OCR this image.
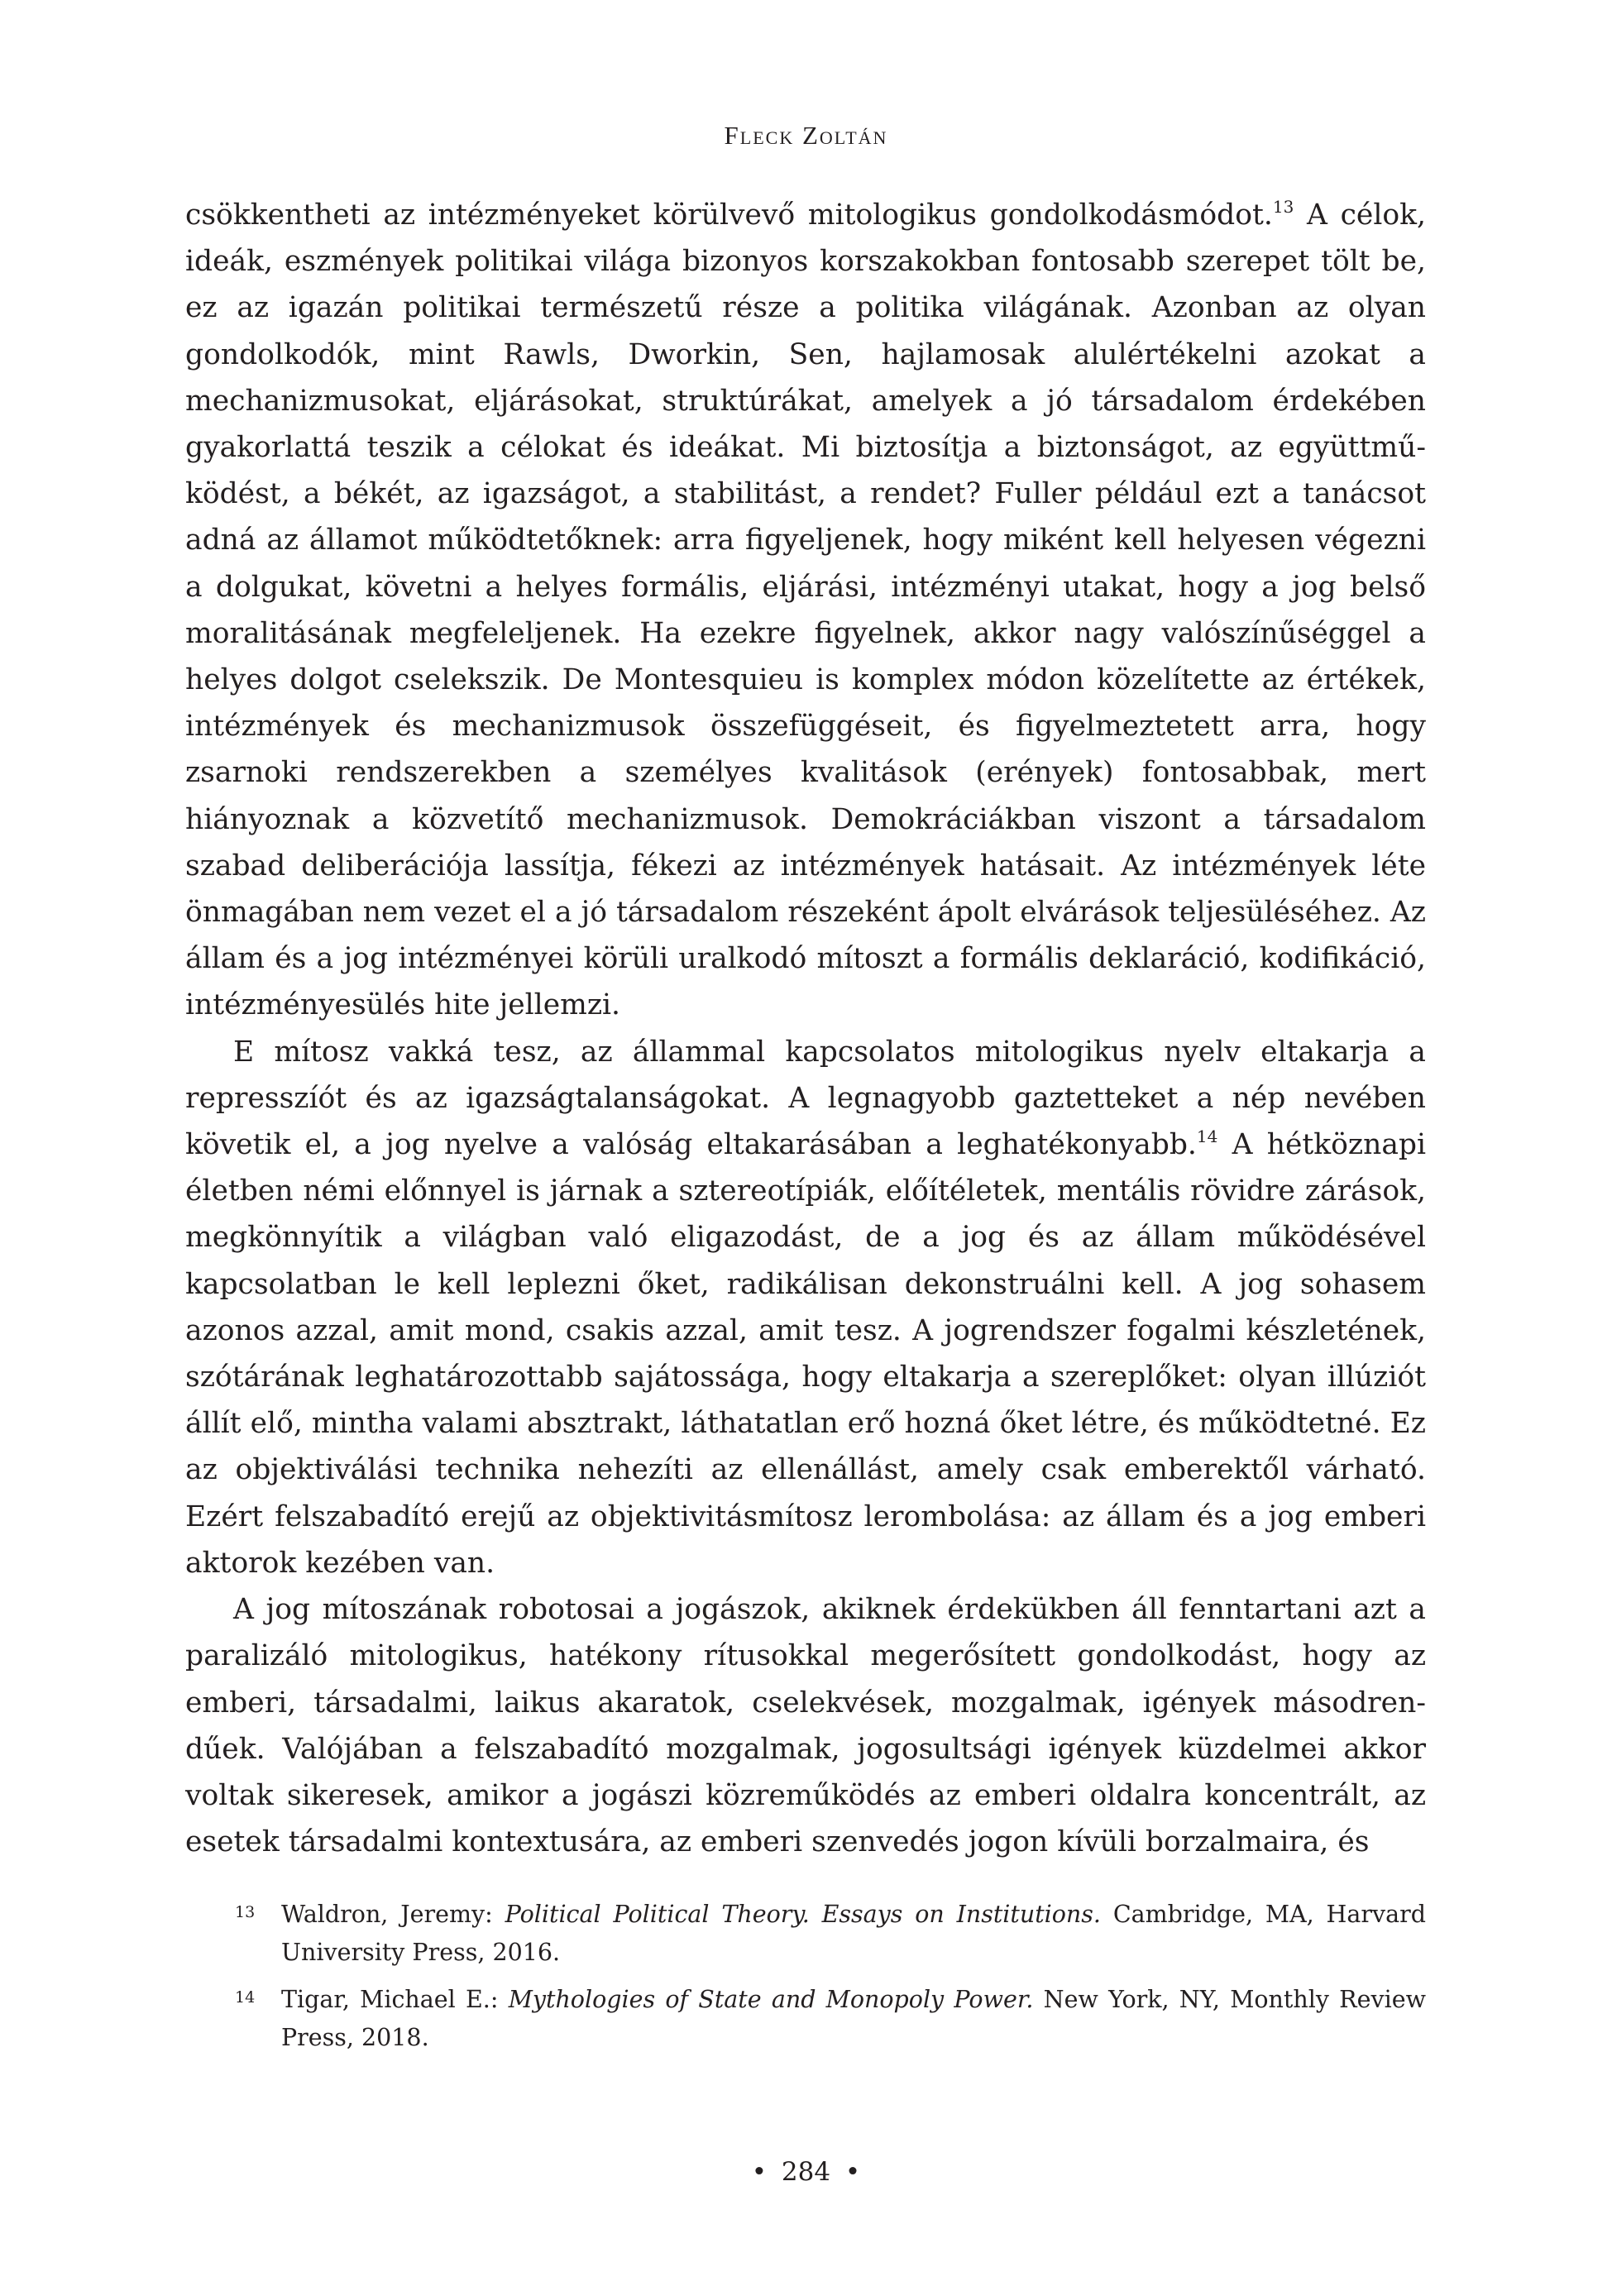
Fleck Zoltán

csökkentheti az intézményeket körülvevő mitologikus gondolkodásmódot.$^{13}$ A célok, ideák, eszmények politikai világa bizonyos korszakokban fontosabb szerepet tölt be, ez az igazán politikai természetű része a politika világának. Azonban az olyan gondolkodók, mint Rawls, Dworkin, Sen, hajlamosak alulértékelni azokat a mechanizmusokat, eljárásokat, struktúrákat, amelyek a jó társadalom érdekében gyakorlattá teszik a célokat és ideákat. Mi biztosítja a biztonságot, az együttműködést, a békét, az igazságot, a stabilitást, a rendet? Fuller például ezt a tanácsot adná az államot működtetőknek: arra figyeljenek, hogy miként kell helyesen végezni a dolgukat, követni a helyes formális, eljárási, intézményi utakat, hogy a jog belső moralitásának megfeleljenek. Ha ezekre figyelnek, akkor nagy valószínűséggel a helyes dolgot cselekszik. De Montesquieu is komplex módon közelítette az értékek, intézmények és mechanizmusok összefüggéseit, és figyelmeztetett arra, hogy zsarnoki rendszerekben a személyes kvalitások (erények) fontosabbak, mert hiányoznak a közvetítő mechanizmusok. Demokráciákban viszont a társadalom szabad deliberációja lassítja, fékezi az intézmények hatásait. Az intézmények léte önmagában nem vezet el a jó társadalom részeként ápolt elvárások teljesüléséhez. Az állam és a jog intézményei körüli uralkodó mítoszt a formális deklaráció, kodifikáció, intézményesülés hite jellemzi.

E mítosz vakká tesz, az állammal kapcsolatos mitologikus nyelv eltakarja a represszíót és az igazságtalanságokat. A legnagyobb gaztetteket a nép nevében követik el, a jog nyelve a valóság eltakarásában a leghatékonyabb.$^{14}$ A hétköznapi életben némi előnnyel is járnak a sztereotípiák, előítéletek, mentális rövidre zárások, megkönnyítik a világban való eligazodást, de a jog és az állam működésével kapcsolatban le kell leplezni őket, radikálisan dekonstruálni kell. A jog sohasem azonos azzal, amit mond, csakis azzal, amit tesz. A jogrendszer fogalmi készletének, szótárának leghatározottabb sajátossága, hogy eltakarja a szereplőket: olyan illúziót állít elő, mintha valami absztrakt, láthatatlan erő hozná őket létre, és működtetné. Ez az objektiválási technika nehezíti az ellenállást, amely csak emberektől várható. Ezért felszabadító erejű az objektivitásmítosz lerombolása: az állam és a jog emberi aktorok kezében van.

A jog mítoszának robotosai a jogászok, akiknek érdekükben áll fenntartani azt a paralizáló mitologikus, hatékony rítusokkal megerősített gondolkodást, hogy az emberi, társadalmi, laikus akaratok, cselekvések, mozgalmak, igények másodrendűek. Valójában a felszabadító mozgalmak, jogosultsági igények küzdelmei akkor voltak sikeresek, amikor a jogászi közreműködés az emberi oldalra koncentrált, az esetek társadalmi kontextusára, az emberi szenvedés jogon kívüli borzalmaira, és

13 Waldron, Jeremy: Political Political Theory. Essays on Institutions. Cambridge, MA, Harvard University Press, 2016.
14 Tigar, Michael E.: Mythologies of State and Monopoly Power. New York, NY, Monthly Review Press, 2018.
• 284 •
